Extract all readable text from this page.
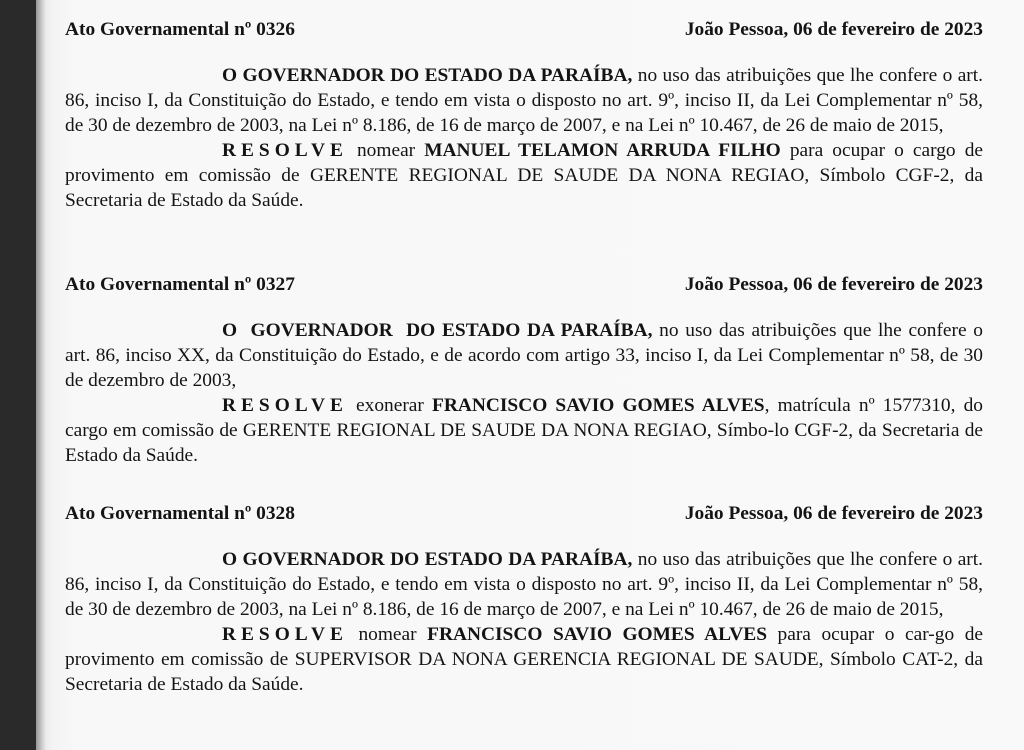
Ato Governamental nº 0326	João Pessoa, 06 de fevereiro de 2023

O GOVERNADOR DO ESTADO DA PARAÍBA, no uso das atribuições que lhe confere o art. 86, inciso I, da Constituição do Estado, e tendo em vista o disposto no art. 9º, inciso II, da Lei Complementar nº 58, de 30 de dezembro de 2003, na Lei nº 8.186, de 16 de março de 2007, e na Lei nº 10.467, de 26 de maio de 2015,

RESOLVE nomear MANUEL TELAMON ARRUDA FILHO para ocupar o cargo de provimento em comissão de GERENTE REGIONAL DE SAUDE DA NONA REGIAO, Símbolo CGF-2, da Secretaria de Estado da Saúde.

Ato Governamental nº 0327	João Pessoa, 06 de fevereiro de 2023

O  GOVERNADOR  DO ESTADO DA PARAÍBA, no uso das atribuições que lhe confere o art. 86, inciso XX, da Constituição do Estado, e de acordo com artigo 33, inciso I, da Lei Complementar nº 58, de 30 de dezembro de 2003,

RESOLVE exonerar FRANCISCO SAVIO GOMES ALVES, matrícula nº 1577310, do cargo em comissão de GERENTE REGIONAL DE SAUDE DA NONA REGIAO, Símbo-lo CGF-2, da Secretaria de Estado da Saúde.

Ato Governamental nº 0328	João Pessoa, 06 de fevereiro de 2023

O GOVERNADOR DO ESTADO DA PARAÍBA, no uso das atribuições que lhe confere o art. 86, inciso I, da Constituição do Estado, e tendo em vista o disposto no art. 9º, inciso II, da Lei Complementar nº 58, de 30 de dezembro de 2003, na Lei nº 8.186, de 16 de março de 2007, e na Lei nº 10.467, de 26 de maio de 2015,

RESOLVE nomear FRANCISCO SAVIO GOMES ALVES para ocupar o car-go de provimento em comissão de SUPERVISOR DA NONA GERENCIA REGIONAL DE SAUDE, Símbolo CAT-2, da Secretaria de Estado da Saúde.
